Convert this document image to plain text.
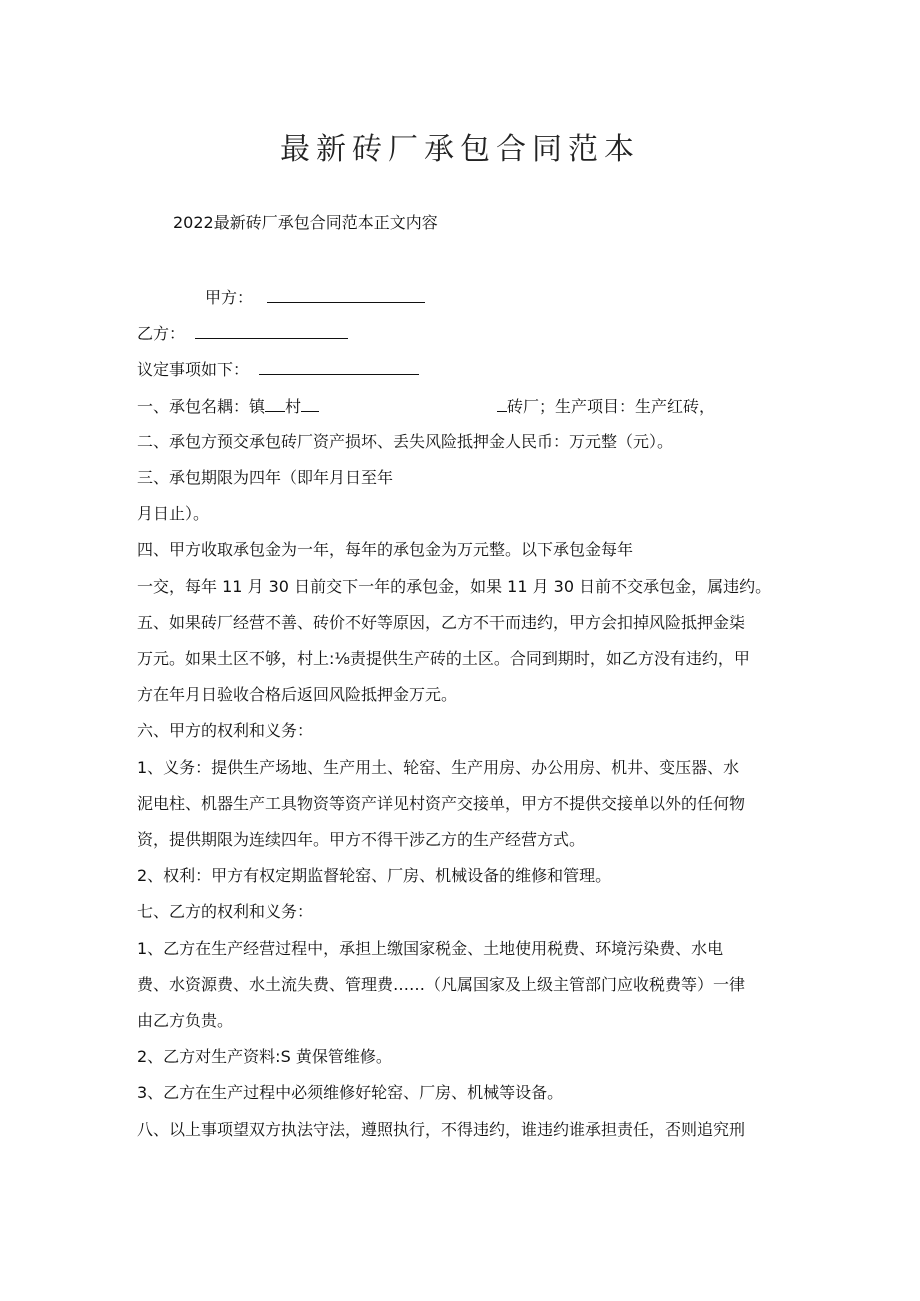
最新砖厂承包合同范本
2022最新砖厂承包合同范本正文内容
甲方：
乙方：
议定事项如下：
一、承包名耦：镇 村	砖厂；生产项目：生产红砖，
二、承包方预交承包砖厂资产损坏、丢失风险抵押金人民币：万元整（元）。
三、承包期限为四年（即年月日至年
月日止）。
四、甲方收取承包金为一年，每年的承包金为万元整。以下承包金每年
一交，每年 11 月 30 日前交下一年的承包金，如果 11 月 30 日前不交承包金，属违约。
五、如果砖厂经营不善、砖价不好等原因，乙方不干而违约，甲方会扣掉风险抵押金柒
万元。如果土区不够，村上:⅛责提供生产砖的土区。合同到期时，如乙方没有违约，甲
方在年月日验收合格后返回风险抵押金万元。
六、甲方的权利和义务：
1、义务：提供生产场地、生产用土、轮窑、生产用房、办公用房、机井、变压器、水
泥电柱、机器生产工具物资等资产详见村资产交接单，甲方不提供交接单以外的任何物
资，提供期限为连续四年。甲方不得干涉乙方的生产经营方式。
2、权利：甲方有权定期监督轮窑、厂房、机械设备的维修和管理。
七、乙方的权利和义务：
1、乙方在生产经营过程中，承担上缴国家税金、土地使用税费、环境污染费、水电
费、水资源费、水土流失费、管理费……（凡属国家及上级主管部门应收税费等）一律
由乙方负贵。
2、乙方对生产资料:S 黄保管维修。
3、乙方在生产过程中必须维修好轮窑、厂房、机械等设备。
八、以上事项望双方执法守法，遵照执行，不得违约，谁违约谁承担责任，否则追究刑
